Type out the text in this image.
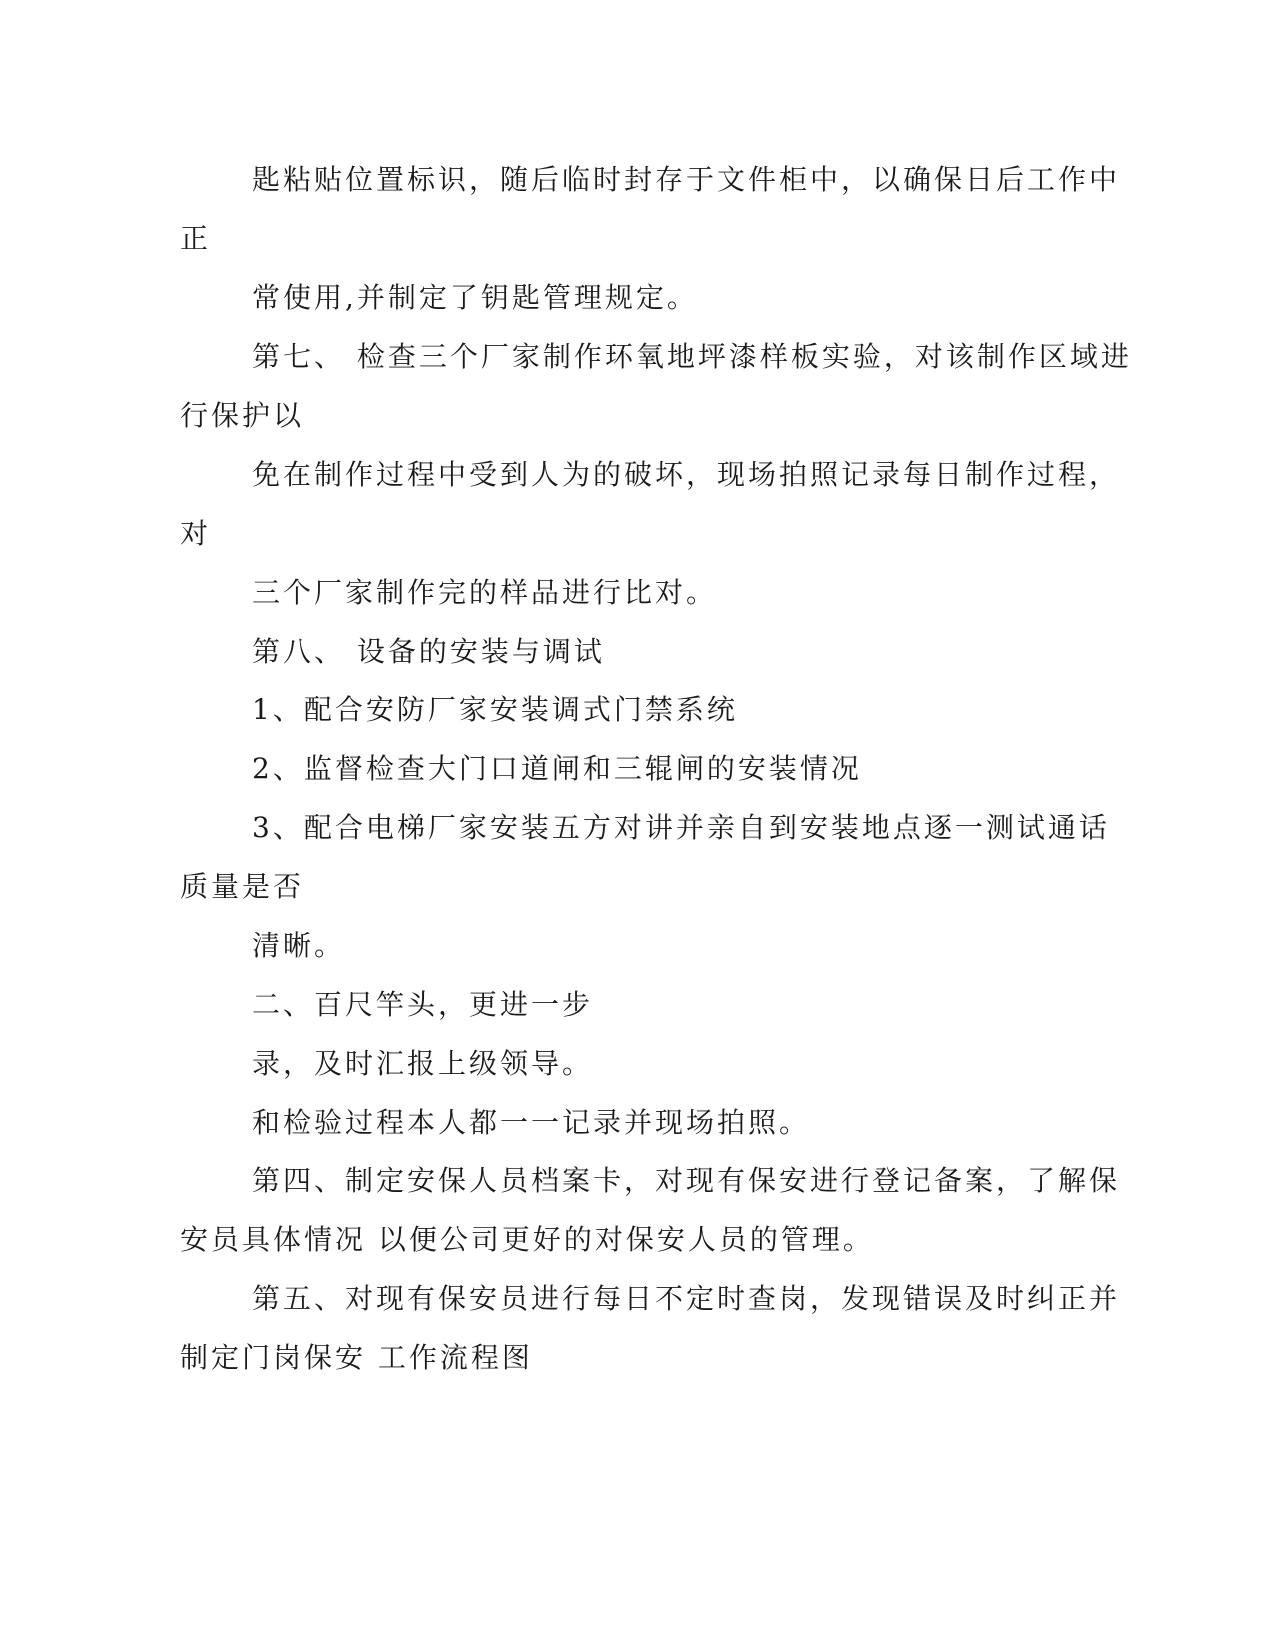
匙粘贴位置标识，随后临时封存于文件柜中，以确保日后工作中
正
常使用,并制定了钥匙管理规定。
第七、 检查三个厂家制作环氧地坪漆样板实验，对该制作区域进
行保护以
免在制作过程中受到人为的破坏，现场拍照记录每日制作过程，
对
三个厂家制作完的样品进行比对。
第八、 设备的安装与调试
1、配合安防厂家安装调式门禁系统
2、监督检查大门口道闸和三辊闸的安装情况
3、配合电梯厂家安装五方对讲并亲自到安装地点逐一测试通话
质量是否
清晰。
二、百尺竿头，更进一步
录，及时汇报上级领导。
和检验过程本人都一一记录并现场拍照。
第四、制定安保人员档案卡，对现有保安进行登记备案，了解保
安员具体情况 以便公司更好的对保安人员的管理。
第五、对现有保安员进行每日不定时查岗，发现错误及时纠正并
制定门岗保安 工作流程图
